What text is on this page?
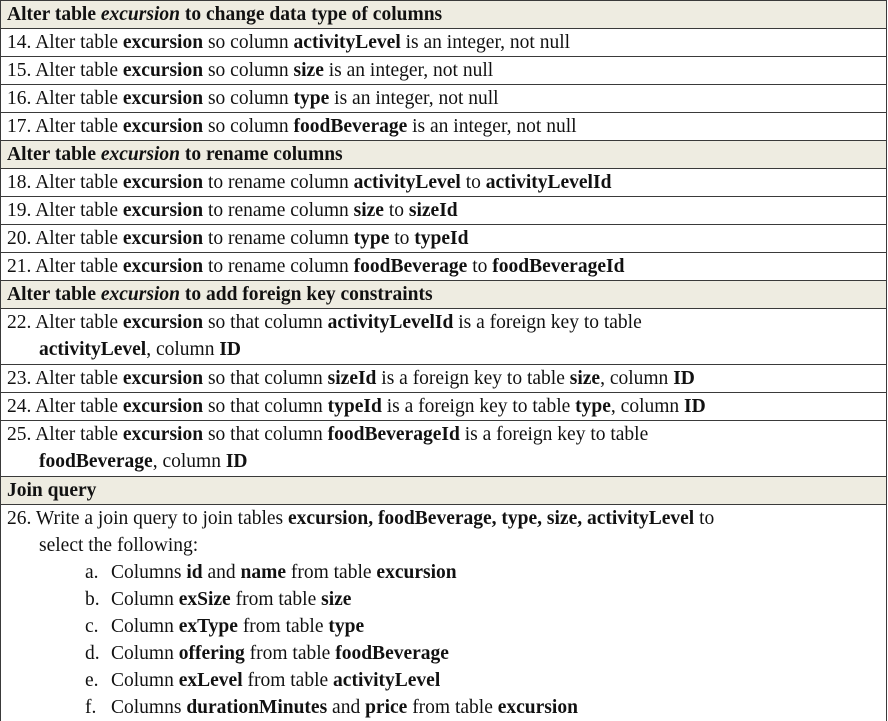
Alter table excursion to change data type of columns
14. Alter table excursion so column activityLevel is an integer, not null
15. Alter table excursion so column size is an integer, not null
16. Alter table excursion so column type is an integer, not null
17. Alter table excursion so column foodBeverage is an integer, not null
Alter table excursion to rename columns
18. Alter table excursion to rename column activityLevel to activityLevelId
19. Alter table excursion to rename column size to sizeId
20. Alter table excursion to rename column type to typeId
21. Alter table excursion to rename column foodBeverage to foodBeverageId
Alter table excursion to add foreign key constraints
22. Alter table excursion so that column activityLevelId is a foreign key to table
activityLevel, column ID

23. Alter table excursion so that column sizeId is a foreign key to table size, column ID
24. Alter table excursion so that column typeId is a foreign key to table type, column ID
25. Alter table excursion so that column foodBeverageId is a foreign key to table
foodBeverage, column ID

Join query
26. Write a join query to join tables excursion, foodBeverage, type, size, activityLevel to
select the following:
a. Columns id and name from table excursion
b. Column exSize from table size
c. Column exType from table type
d. Column offering from table foodBeverage
e. Column exLevel from table activityLevel
f. Columns durationMinutes and price from table excursion
